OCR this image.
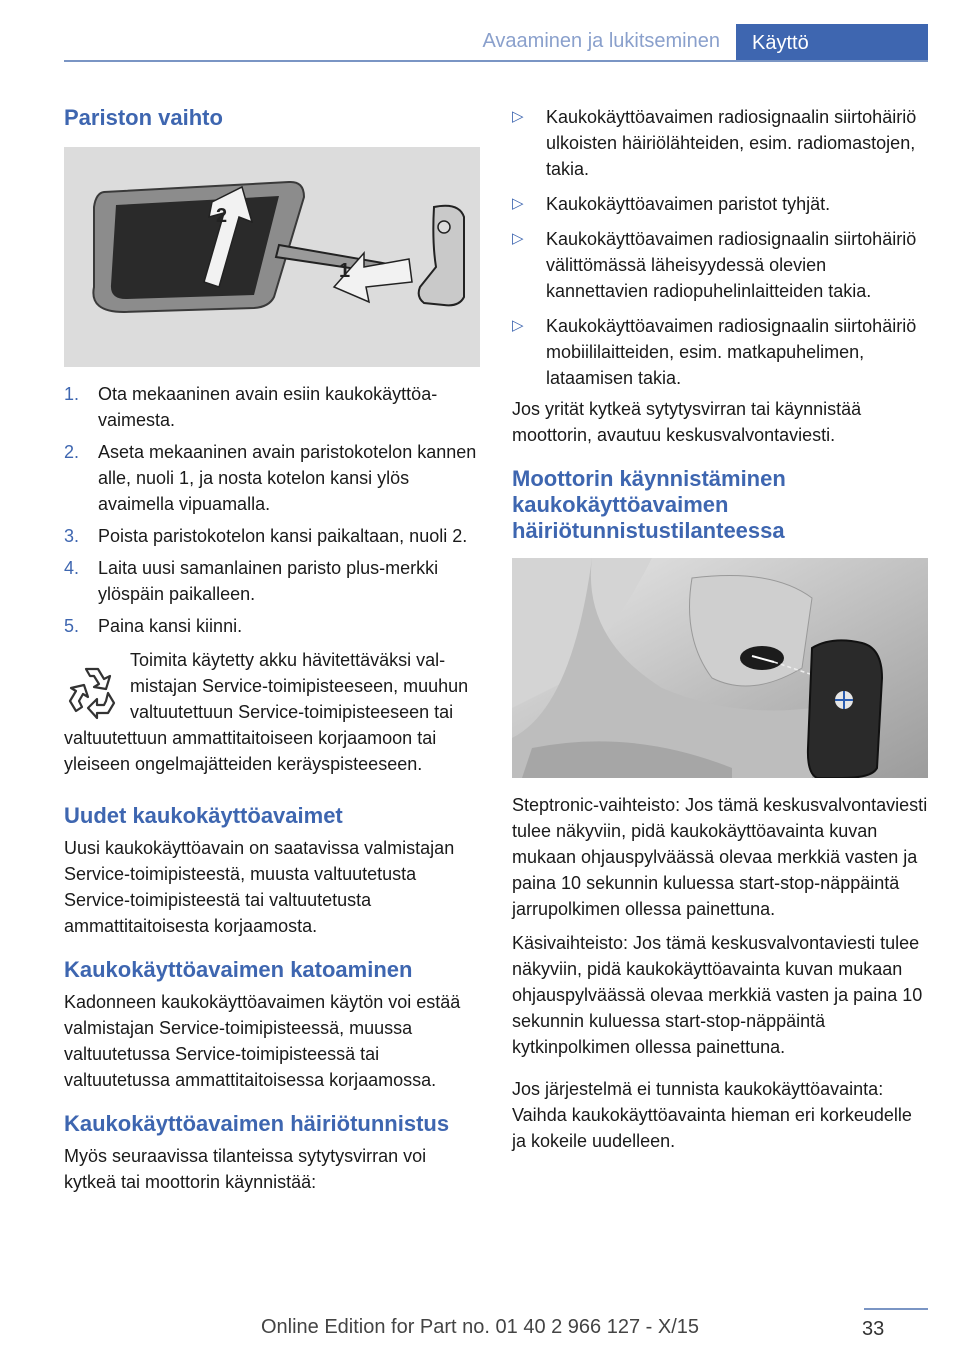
Avaaminen ja lukitseminen	Käyttö
Pariston vaihto
2
1
1. Ota mekaaninen avain esiin kaukokäyttöavaimesta.
2. Aseta mekaaninen avain paristokotelon kannen alle, nuoli 1, ja nosta kotelon kansi ylös avaimella vipuamalla.
3. Poista paristokotelon kansi paikaltaan, nuoli 2.
4. Laita uusi samanlainen paristo plus-merkki ylöspäin paikalleen.
5. Paina kansi kiinni.

Toimita käytetty akku hävitettäväksi valmistajan Service-toimipisteeseen, muuhun valtuutettuun Service-toimipisteeseen tai valtuutettuun ammattitaitoiseen korjaamoon tai yleiseen ongelmajätteiden keräyspisteeseen.

Uudet kaukokäyttöavaimet

Uusi kaukokäyttöavain on saatavissa valmistajan Service-toimipisteestä, muusta valtuutetusta Service-toimipisteestä tai valtuutetusta ammattitaitoisesta korjaamosta.

Kaukokäyttöavaimen katoaminen

Kadonneen kaukokäyttöavaimen käytön voi estää valmistajan Service-toimipisteessä, muussa valtuutetussa Service-toimipisteessä tai valtuutetussa ammattitaitoisessa korjaamossa.

Kaukokäyttöavaimen häiriötunnistus

Myös seuraavissa tilanteissa sytytysvirran voi kytkeä tai moottorin käynnistää:

▷ Kaukokäyttöavaimen radiosignaalin siirtohäiriö ulkoisten häiriölähteiden, esim. radiomastojen, takia.
▷ Kaukokäyttöavaimen paristot tyhjät.
▷ Kaukokäyttöavaimen radiosignaalin siirtohäiriö välittömässä läheisyydessä olevien kannettavien radiopuhelinlaitteiden takia.
▷ Kaukokäyttöavaimen radiosignaalin siirtohäiriö mobiililaitteiden, esim. matkapuhelimen, lataamisen takia.

Jos yrität kytkeä sytytysvirran tai käynnistää moottorin, avautuu keskusvalvontaviesti.

Moottorin käynnistäminen kaukokäyttöavaimen häiriötunnistustilanteessa

Steptronic-vaihteisto: Jos tämä keskusvalvontaviesti tulee näkyviin, pidä kaukokäyttöavainta kuvan mukaan ohjauspylväässä olevaa merkkiä vasten ja paina 10 sekunnin kuluessa start-stop-näppäintä jarrupolkimen ollessa painettuna.

Käsivaihteisto: Jos tämä keskusvalvontaviesti tulee näkyviin, pidä kaukokäyttöavainta kuvan mukaan ohjauspylväässä olevaa merkkiä vasten ja paina 10 sekunnin kuluessa start-stop-näppäintä kytkinpolkimen ollessa painettuna.

Jos järjestelmä ei tunnista kaukokäyttöavainta: Vaihda kaukokäyttöavainta hieman eri korkeudelle ja kokeile uudelleen.

33
Online Edition for Part no. 01 40 2 966 127 - X/15
